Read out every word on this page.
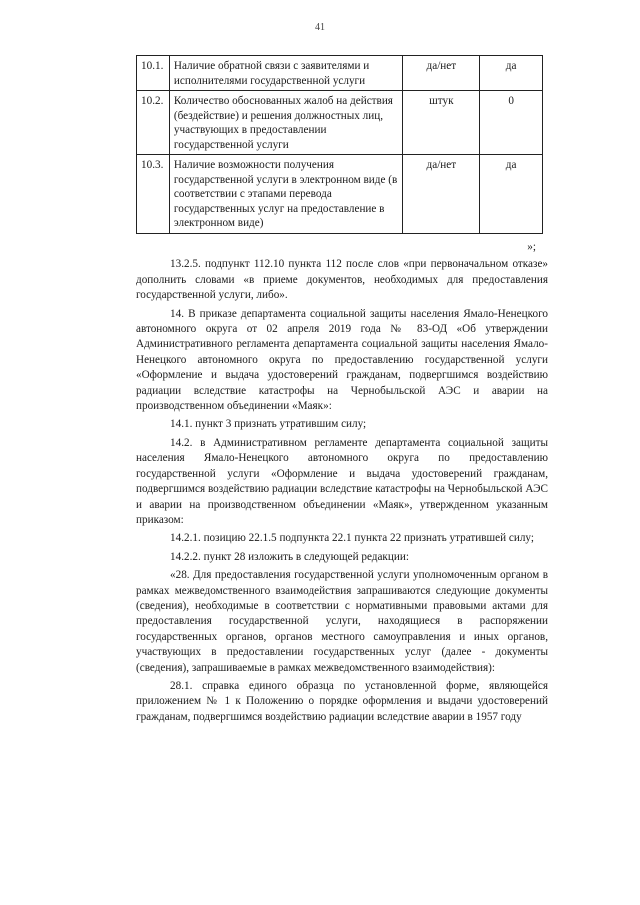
41
10.1.	Наличие обратной связи с заявителями и исполнителями государственной услуги	да/нет	да
10.2.	Количество обоснованных жалоб на действия (бездействие) и решения должностных лиц, участвующих в предоставлении государственной услуги	штук	0
10.3.	Наличие возможности получения государственной услуги в электронном виде (в соответствии с этапами перевода государственных услуг на предоставление в электронном виде)	да/нет	да

»;

13.2.5. подпункт 112.10 пункта 112 после слов «при первоначальном отказе» дополнить словами «в приеме документов, необходимых для предоставления государственной услуги, либо».

14. В приказе департамента социальной защиты населения Ямало-Ненецкого автономного округа от 02 апреля 2019 года № 83-ОД «Об утверждении Административного регламента департамента социальной защиты населения Ямало-Ненецкого автономного округа по предоставлению государственной услуги «Оформление и выдача удостоверений гражданам, подвергшимся воздействию радиации вследствие катастрофы на Чернобыльской АЭС и аварии на производственном объединении «Маяк»:

14.1. пункт 3 признать утратившим силу;

14.2. в Административном регламенте департамента социальной защиты населения Ямало-Ненецкого автономного округа по предоставлению государственной услуги «Оформление и выдача удостоверений гражданам, подвергшимся воздействию радиации вследствие катастрофы на Чернобыльской АЭС и аварии на производственном объединении «Маяк», утвержденном указанным приказом:

14.2.1. позицию 22.1.5 подпункта 22.1 пункта 22 признать утратившей силу;

14.2.2. пункт 28 изложить в следующей редакции:

«28. Для предоставления государственной услуги уполномоченным органом в рамках межведомственного взаимодействия запрашиваются следующие документы (сведения), необходимые в соответствии с нормативными правовыми актами для предоставления государственной услуги, находящиеся в распоряжении государственных органов, органов местного самоуправления и иных органов, участвующих в предоставлении государственных услуг (далее - документы (сведения), запрашиваемые в рамках межведомственного взаимодействия):

28.1. справка единого образца по установленной форме, являющейся приложением № 1 к Положению о порядке оформления и выдачи удостоверений гражданам, подвергшимся воздействию радиации вследствие аварии в 1957 году
